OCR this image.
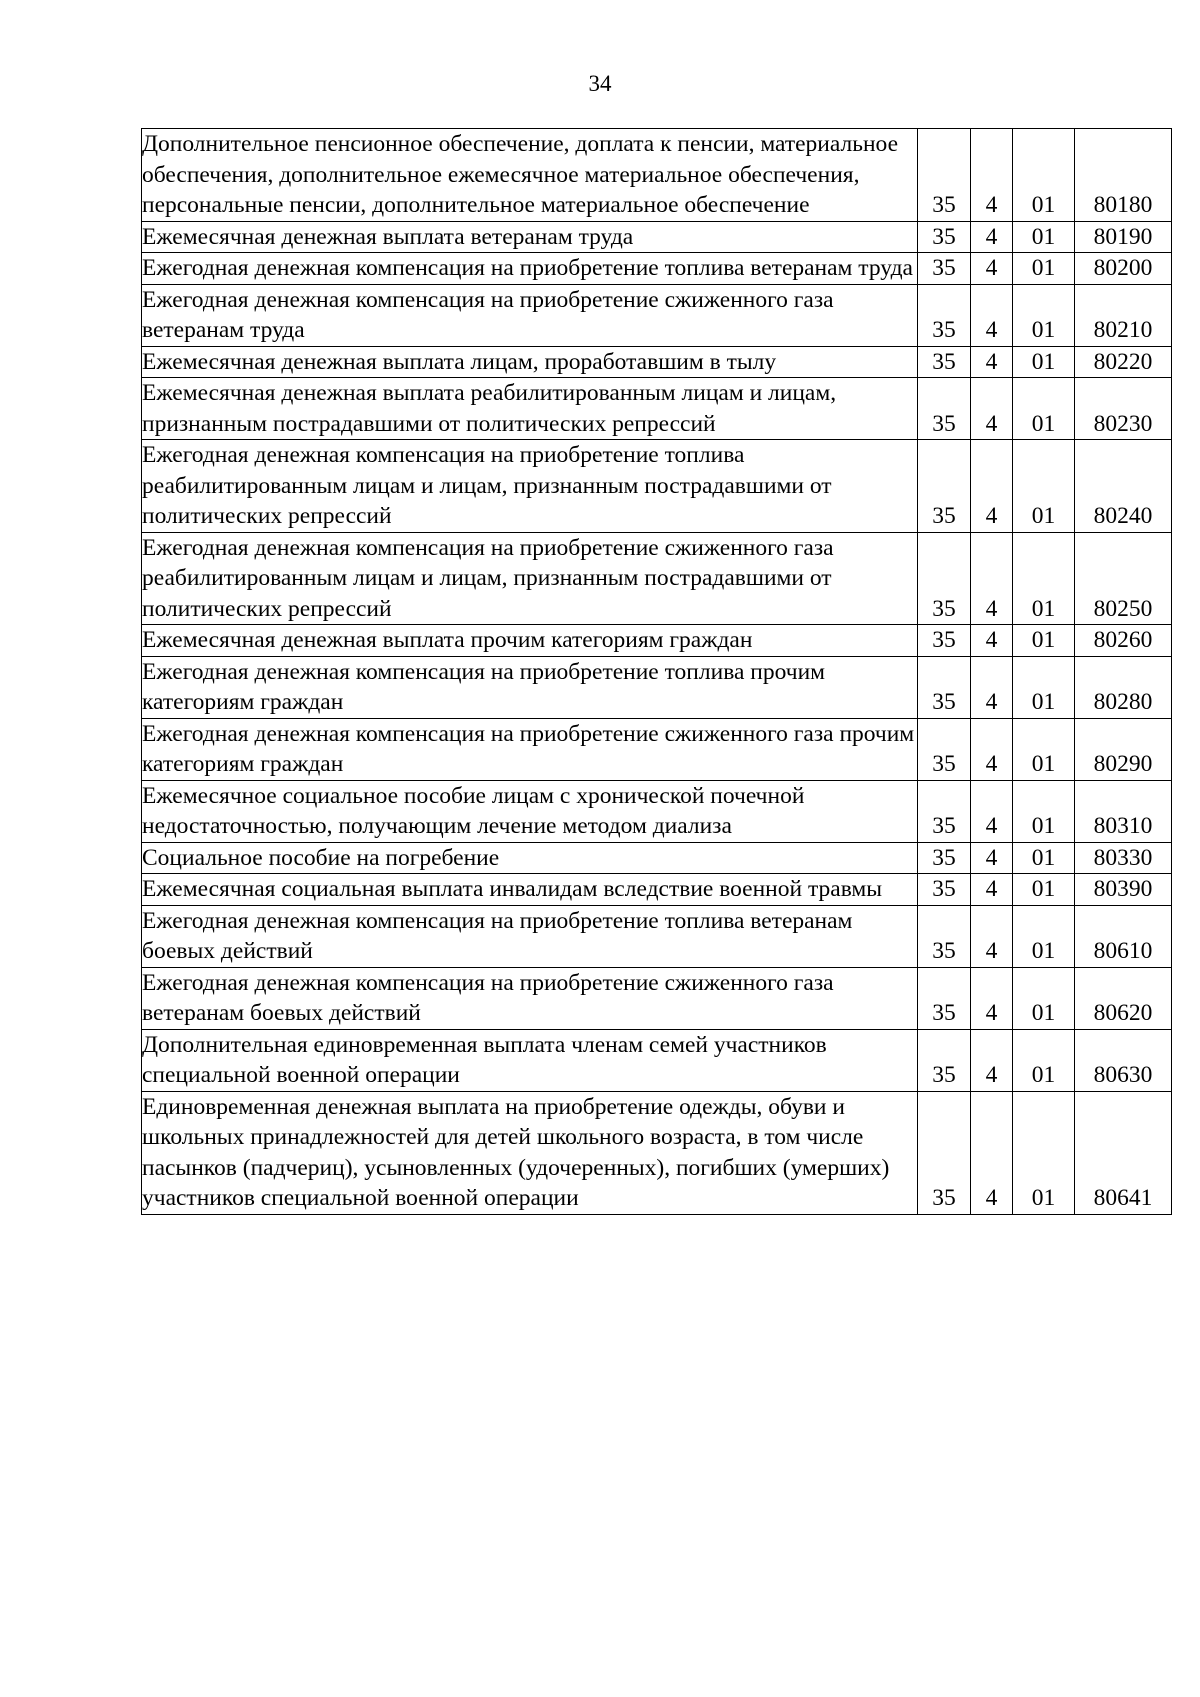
34
Дополнительное пенсионное обеспечение, доплата к пенсии, материальное обеспечения, дополнительное ежемесячное материальное обеспечения, персональные пенсии, дополнительное материальное обеспечение	35	4	01	80180
Ежемесячная денежная выплата ветеранам труда	35	4	01	80190
Ежегодная денежная компенсация на приобретение топлива ветеранам труда	35	4	01	80200
Ежегодная денежная компенсация на приобретение сжиженного газа ветеранам труда	35	4	01	80210
Ежемесячная денежная выплата лицам, проработавшим в тылу	35	4	01	80220
Ежемесячная денежная выплата реабилитированным лицам и лицам, признанным пострадавшими от политических репрессий	35	4	01	80230
Ежегодная денежная компенсация на приобретение топлива реабилитированным лицам и лицам, признанным пострадавшими от политических репрессий	35	4	01	80240
Ежегодная денежная компенсация на приобретение сжиженного газа реабилитированным лицам и лицам, признанным пострадавшими от политических репрессий	35	4	01	80250
Ежемесячная денежная выплата прочим категориям граждан	35	4	01	80260
Ежегодная денежная компенсация на приобретение топлива прочим категориям граждан	35	4	01	80280
Ежегодная денежная компенсация на приобретение сжиженного газа прочим категориям граждан	35	4	01	80290
Ежемесячное социальное пособие лицам с хронической почечной недостаточностью, получающим лечение методом диализа	35	4	01	80310
Социальное пособие на погребение	35	4	01	80330
Ежемесячная социальная выплата инвалидам вследствие военной травмы	35	4	01	80390
Ежегодная денежная компенсация на приобретение топлива ветеранам боевых действий	35	4	01	80610
Ежегодная денежная компенсация на приобретение сжиженного газа ветеранам боевых действий	35	4	01	80620
Дополнительная единовременная выплата членам семей участников специальной военной операции	35	4	01	80630
Единовременная денежная выплата на приобретение одежды, обуви и школьных принадлежностей для детей школьного возраста, в том числе пасынков (падчериц), усыновленных (удочеренных), погибших (умерших) участников специальной военной операции	35	4	01	80641
